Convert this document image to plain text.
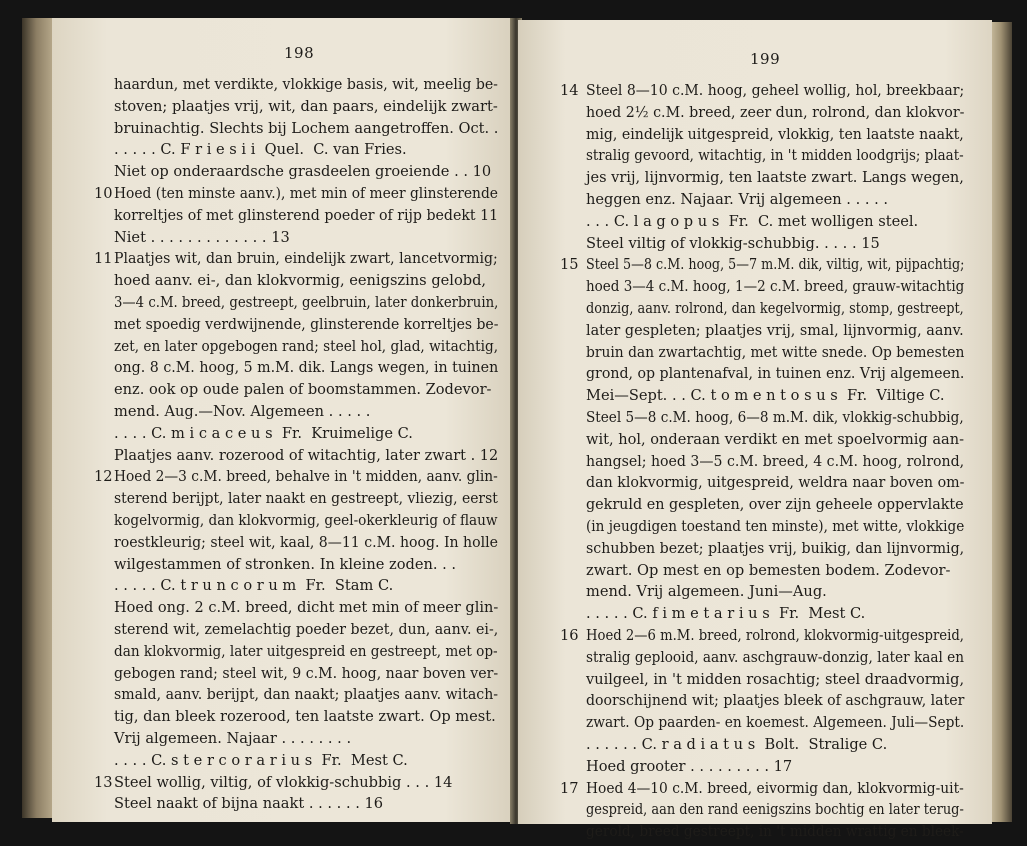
198
haardun, met verdikte, vlokkige basis, wit, meelig be-
stoven; plaatjes vrij, wit, dan paars, eindelijk zwart-
bruinachtig. Slechts bij Lochem aangetroffen. Oct. .
. . . . . C. F r i e s i i  Quel.  C. van Fries.
Niet op onderaardsche grasdeelen groeiende . . 10
10 Hoed (ten minste aanv.), met min of meer glinsterende
korreltjes of met glinsterend poeder of rijp bedekt 11
Niet . . . . . . . . . . . . . 13
11 Plaatjes wit, dan bruin, eindelijk zwart, lancetvormig;
hoed aanv. ei-, dan klokvormig, eenigszins gelobd,
3—4 c.M. breed, gestreept, geelbruin, later donkerbruin,
met spoedig verdwijnende, glinsterende korreltjes be-
zet, en later opgebogen rand; steel hol, glad, witachtig,
ong. 8 c.M. hoog, 5 m.M. dik. Langs wegen, in tuinen
enz. ook op oude palen of boomstammen. Zodevor-
mend. Aug.—Nov. Algemeen . . . . .
. . . . C. m i c a c e u s  Fr.  Kruimelige C.
Plaatjes aanv. rozerood of witachtig, later zwart . 12
12 Hoed 2—3 c.M. breed, behalve in 't midden, aanv. glin-
sterend berijpt, later naakt en gestreept, vliezig, eerst
kogelvormig, dan klokvormig, geel-okerkleurig of flauw
roestkleurig; steel wit, kaal, 8—11 c.M. hoog. In holle
wilgestammen of stronken. In kleine zoden. . .
. . . . . C. t r u n c o r u m  Fr.  Stam C.
Hoed ong. 2 c.M. breed, dicht met min of meer glin-
sterend wit, zemelachtig poeder bezet, dun, aanv. ei-,
dan klokvormig, later uitgespreid en gestreept, met op-
gebogen rand; steel wit, 9 c.M. hoog, naar boven ver-
smald, aanv. berijpt, dan naakt; plaatjes aanv. witach-
tig, dan bleek rozerood, ten laatste zwart. Op mest.
Vrij algemeen. Najaar . . . . . . . .
. . . . C. s t e r c o r a r i u s  Fr.  Mest C.
13 Steel wollig, viltig, of vlokkig-schubbig . . . 14
Steel naakt of bijna naakt . . . . . . 16
199
14 Steel 8—10 c.M. hoog, geheel wollig, hol, breekbaar;
hoed 2½ c.M. breed, zeer dun, rolrond, dan klokvor-
mig, eindelijk uitgespreid, vlokkig, ten laatste naakt,
stralig gevoord, witachtig, in 't midden loodgrijs; plaat-
jes vrij, lijnvormig, ten laatste zwart. Langs wegen,
heggen enz. Najaar. Vrij algemeen . . . . .
. . . C. l a g o p u s  Fr.  C. met wolligen steel.
Steel viltig of vlokkig-schubbig. . . . . 15
15 Steel 5—8 c.M. hoog, 5—7 m.M. dik, viltig, wit, pijpachtig;
hoed 3—4 c.M. hoog, 1—2 c.M. breed, grauw-witachtig
donzig, aanv. rolrond, dan kegelvormig, stomp, gestreept,
later gespleten; plaatjes vrij, smal, lijnvormig, aanv.
bruin dan zwartachtig, met witte snede. Op bemesten
grond, op plantenafval, in tuinen enz. Vrij algemeen.
Mei—Sept. . . C. t o m e n t o s u s  Fr.  Viltige C.
Steel 5—8 c.M. hoog, 6—8 m.M. dik, vlokkig-schubbig,
wit, hol, onderaan verdikt en met spoelvormig aan-
hangsel; hoed 3—5 c.M. breed, 4 c.M. hoog, rolrond,
dan klokvormig, uitgespreid, weldra naar boven om-
gekruld en gespleten, over zijn geheele oppervlakte
(in jeugdigen toestand ten minste), met witte, vlokkige
schubben bezet; plaatjes vrij, buikig, dan lijnvormig,
zwart. Op mest en op bemesten bodem. Zodevor-
mend. Vrij algemeen. Juni—Aug.
. . . . . C. f i m e t a r i u s  Fr.  Mest C.
16 Hoed 2—6 m.M. breed, rolrond, klokvormig-uitgespreid,
stralig geplooid, aanv. aschgrauw-donzig, later kaal en
vuilgeel, in 't midden rosachtig; steel draadvormig,
doorschijnend wit; plaatjes bleek of aschgrauw, later
zwart. Op paarden- en koemest. Algemeen. Juli—Sept.
. . . . . . C. r a d i a t u s  Bolt.  Stralige C.
Hoed grooter . . . . . . . . . 17
17 Hoed 4—10 c.M. breed, eivormig dan, klokvormig-uit-
gespreid, aan den rand eenigszins bochtig en later terug-
gerold, breed gestreept, in 't midden wrattig en bleek-
